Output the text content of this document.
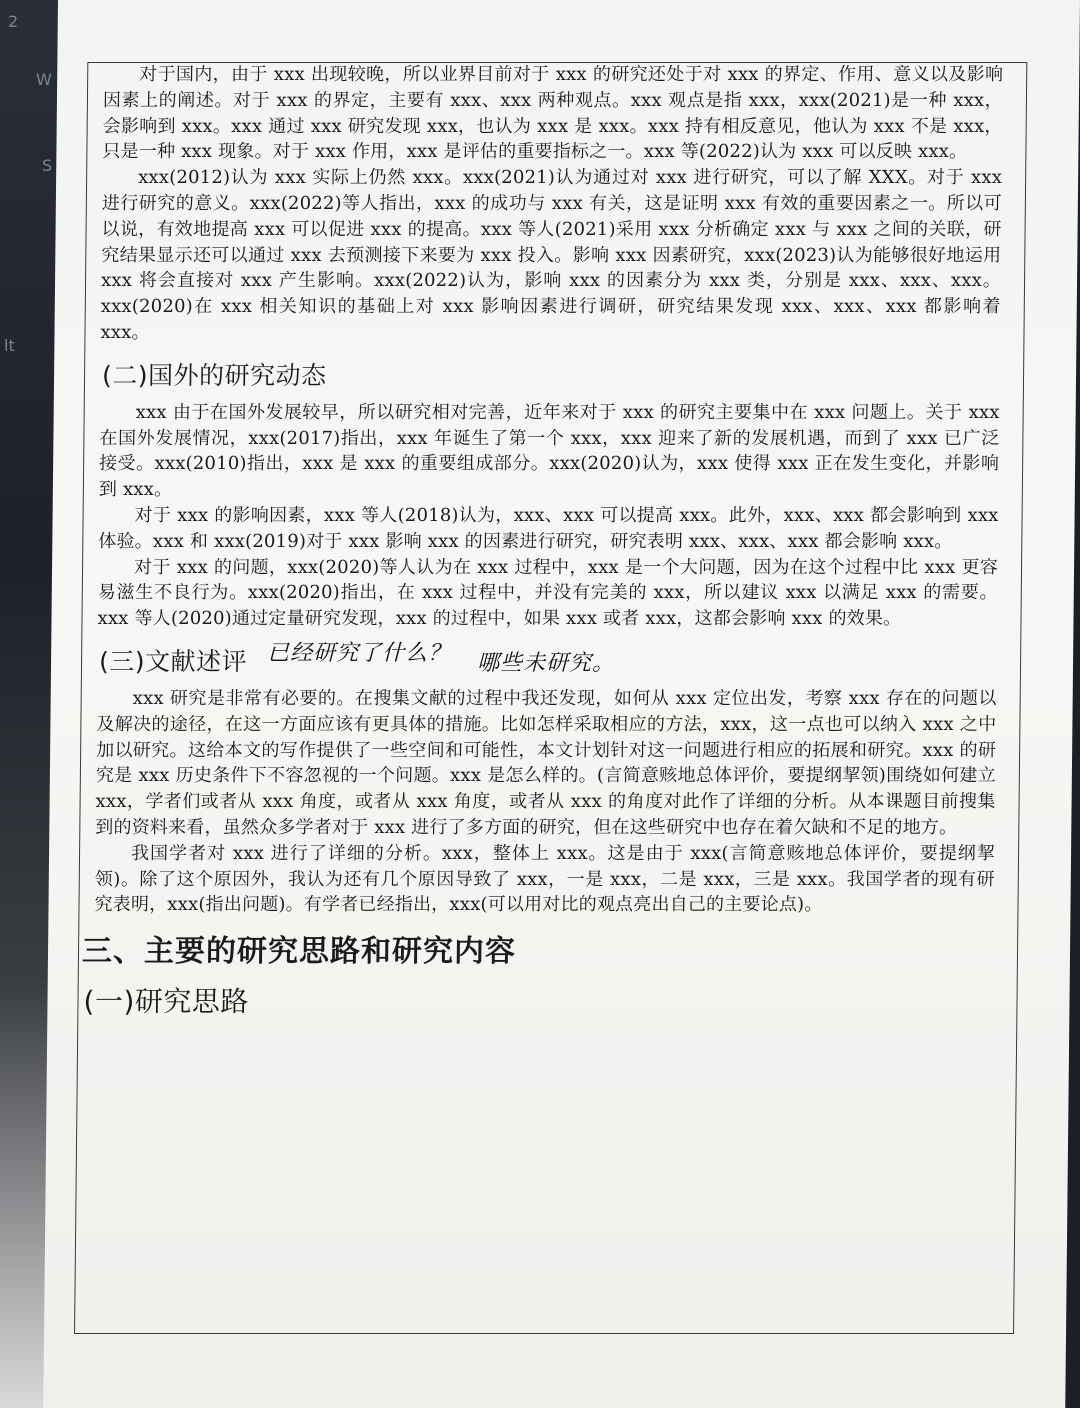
2
W
S
lt

对于国内，由于 xxx 出现较晚，所以业界目前对于 xxx 的研究还处于对 xxx 的界定、作用、意义以及影响因素上的阐述。对于 xxx 的界定，主要有 xxx、xxx 两种观点。xxx 观点是指 xxx，xxx(2021)是一种 xxx，会影响到 xxx。xxx 通过 xxx 研究发现 xxx，也认为 xxx 是 xxx。xxx 持有相反意见，他认为 xxx 不是 xxx，只是一种 xxx 现象。对于 xxx 作用，xxx 是评估的重要指标之一。xxx 等(2022)认为 xxx 可以反映 xxx。

xxx(2012)认为 xxx 实际上仍然 xxx。xxx(2021)认为通过对 xxx 进行研究，可以了解 XXX。对于 xxx 进行研究的意义。xxx(2022)等人指出，xxx 的成功与 xxx 有关，这是证明 xxx 有效的重要因素之一。所以可以说，有效地提高 xxx 可以促进 xxx 的提高。xxx 等人(2021)采用 xxx 分析确定 xxx 与 xxx 之间的关联，研究结果显示还可以通过 xxx 去预测接下来要为 xxx 投入。影响 xxx 因素研究，xxx(2023)认为能够很好地运用 xxx 将会直接对 xxx 产生影响。xxx(2022)认为，影响 xxx 的因素分为 xxx 类，分别是 xxx、xxx、xxx。xxx(2020)在 xxx 相关知识的基础上对 xxx 影响因素进行调研，研究结果发现 xxx、xxx、xxx 都影响着 xxx。

(二)国外的研究动态

xxx 由于在国外发展较早，所以研究相对完善，近年来对于 xxx 的研究主要集中在 xxx 问题上。关于 xxx 在国外发展情况，xxx(2017)指出，xxx 年诞生了第一个 xxx，xxx 迎来了新的发展机遇，而到了 xxx 已广泛接受。xxx(2010)指出，xxx 是 xxx 的重要组成部分。xxx(2020)认为，xxx 使得 xxx 正在发生变化，并影响到 xxx。

对于 xxx 的影响因素，xxx 等人(2018)认为，xxx、xxx 可以提高 xxx。此外，xxx、xxx 都会影响到 xxx 体验。xxx 和 xxx(2019)对于 xxx 影响 xxx 的因素进行研究，研究表明 xxx、xxx、xxx 都会影响 xxx。

对于 xxx 的问题，xxx(2020)等人认为在 xxx 过程中，xxx 是一个大问题，因为在这个过程中比 xxx 更容易滋生不良行为。xxx(2020)指出，在 xxx 过程中，并没有完美的 xxx，所以建议 xxx 以满足 xxx 的需要。xxx 等人(2020)通过定量研究发现，xxx 的过程中，如果 xxx 或者 xxx，这都会影响 xxx 的效果。

(三)文献述评 已经研究了什么？ 哪些未研究。

xxx 研究是非常有必要的。在搜集文献的过程中我还发现，如何从 xxx 定位出发，考察 xxx 存在的问题以及解决的途径，在这一方面应该有更具体的措施。比如怎样采取相应的方法，xxx，这一点也可以纳入 xxx 之中加以研究。这给本文的写作提供了一些空间和可能性，本文计划针对这一问题进行相应的拓展和研究。xxx 的研究是 xxx 历史条件下不容忽视的一个问题。xxx 是怎么样的。(言简意赅地总体评价，要提纲挈领)围绕如何建立 xxx，学者们或者从 xxx 角度，或者从 xxx 角度，或者从 xxx 的角度对此作了详细的分析。从本课题目前搜集到的资料来看，虽然众多学者对于 xxx 进行了多方面的研究，但在这些研究中也存在着欠缺和不足的地方。

我国学者对 xxx 进行了详细的分析。xxx，整体上 xxx。这是由于 xxx(言简意赅地总体评价，要提纲挈领)。除了这个原因外，我认为还有几个原因导致了 xxx，一是 xxx，二是 xxx，三是 xxx。我国学者的现有研究表明，xxx(指出问题)。有学者已经指出，xxx(可以用对比的观点亮出自己的主要论点)。

三、主要的研究思路和研究内容
(一)研究思路
